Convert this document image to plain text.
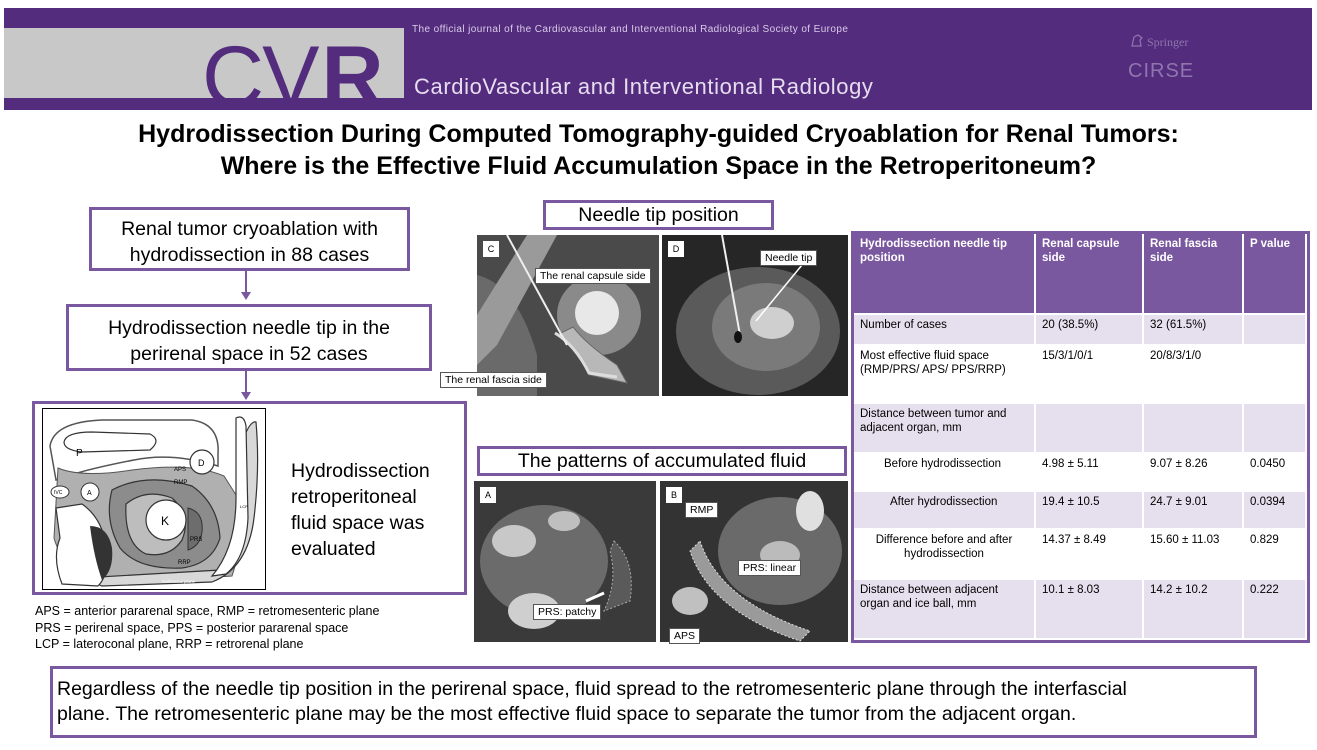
CVR	The official journal of the Cardiovascular and Interventional Radiological Society of Europe
CardioVascular and Interventional Radiology
Springer
CIRSE
Hydrodissection During Computed Tomography-guided Cryoablation for Renal Tumors:
Where is the Effective Fluid Accumulation Space in the Retroperitoneum?
Renal tumor cryoablation with
hydrodissection in 88 cases
Hydrodissection needle tip in the
perirenal space in 52 cases
P
D
APS
RMP
IVC	A
K
PRS
RRP
LCP
Subfascial plane
Hydrodissection
retroperitoneal
fluid space was
evaluated
APS = anterior pararenal space, RMP = retromesenteric plane
PRS = perirenal space, PPS = posterior pararenal space
LCP = lateroconal plane, RRP = retrorenal plane
Needle tip position
C
The renal capsule side
The renal fascia side
D
Needle tip
The patterns of accumulated fluid
A
PRS: patchy
B
RMP
PRS: linear
APS
Hydrodissection needle tip position	Renal capsule side	Renal fascia side	P value
Number of cases	20 (38.5%)	32 (61.5%)	
Most effective fluid space (RMP/PRS/ APS/ PPS/RRP)	15/3/1/0/1	20/8/3/1/0	
Distance between tumor and adjacent organ, mm			
Before hydrodissection	4.98 ± 5.11	9.07 ± 8.26	0.0450
After hydrodissection	19.4 ± 10.5	24.7 ± 9.01	0.0394
Difference before and after hydrodissection	14.37 ± 8.49	15.60 ± 11.03	0.829
Distance between adjacent organ and ice ball, mm	10.1 ± 8.03	14.2 ± 10.2	0.222
Regardless of the needle tip position in the perirenal space, fluid spread to the retromesenteric plane through the interfascial
plane. The retromesenteric plane may be the most effective fluid space to separate the tumor from the adjacent organ.
